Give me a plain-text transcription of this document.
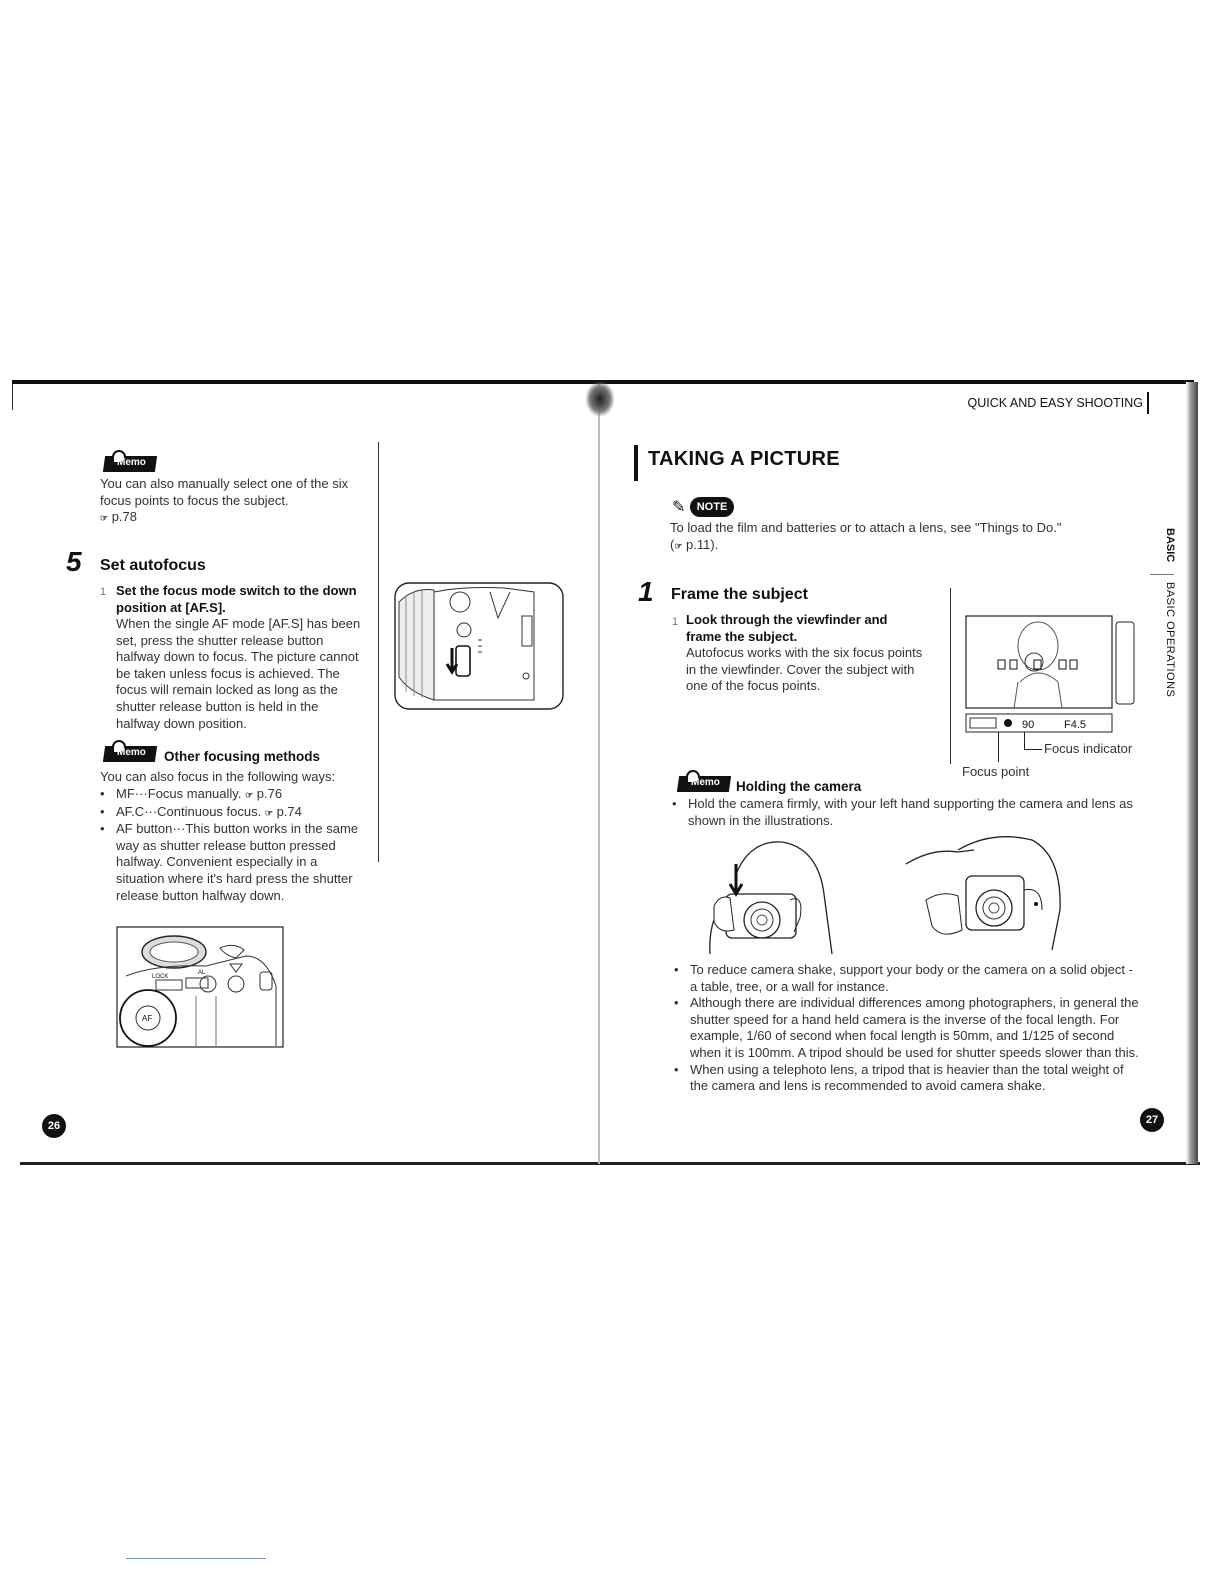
QUICK AND EASY SHOOTING
BASIC
BASIC OPERATIONS
Memo
You can also manually select one of the six focus points to focus the subject.
☞ p.78
5 Set autofocus
1 Set the focus mode switch to the down position at [AF.S].
When the single AF mode [AF.S] has been set, press the shutter release button halfway down to focus. The picture cannot be taken unless focus is achieved. The focus will remain locked as long as the shutter release button is held in the halfway down position.
Memo Other focusing methods
You can also focus in the following ways:
• MF···Focus manually. ☞ p.76
• AF.C···Continuous focus. ☞ p.74
• AF button···This button works in the same way as shutter release button pressed halfway. Convenient especially in a situation where it's hard press the shutter release button halfway down.
LOCK
AL
AF
26
TAKING A PICTURE
✎	NOTE
To load the film and batteries or to attach a lens, see "Things to Do."
(☞ p.11).
1 Frame the subject
1 Look through the viewfinder and frame the subject.
Autofocus works with the six focus points in the viewfinder. Cover the subject with one of the focus points.
90	F4.5
Focus indicator
Focus point
Memo Holding the camera
• Hold the camera firmly, with your left hand supporting the camera and lens as shown in the illustrations.
• To reduce camera shake, support your body or the camera on a solid object - a table, tree, or a wall for instance.
• Although there are individual differences among photographers, in general the shutter speed for a hand held camera is the inverse of the focal length. For example, 1/60 of second when focal length is 50mm, and 1/125 of second when it is 100mm. A tripod should be used for shutter speeds slower than this.
• When using a telephoto lens, a tripod that is heavier than the total weight of the camera and lens is recommended to avoid camera shake.
27
